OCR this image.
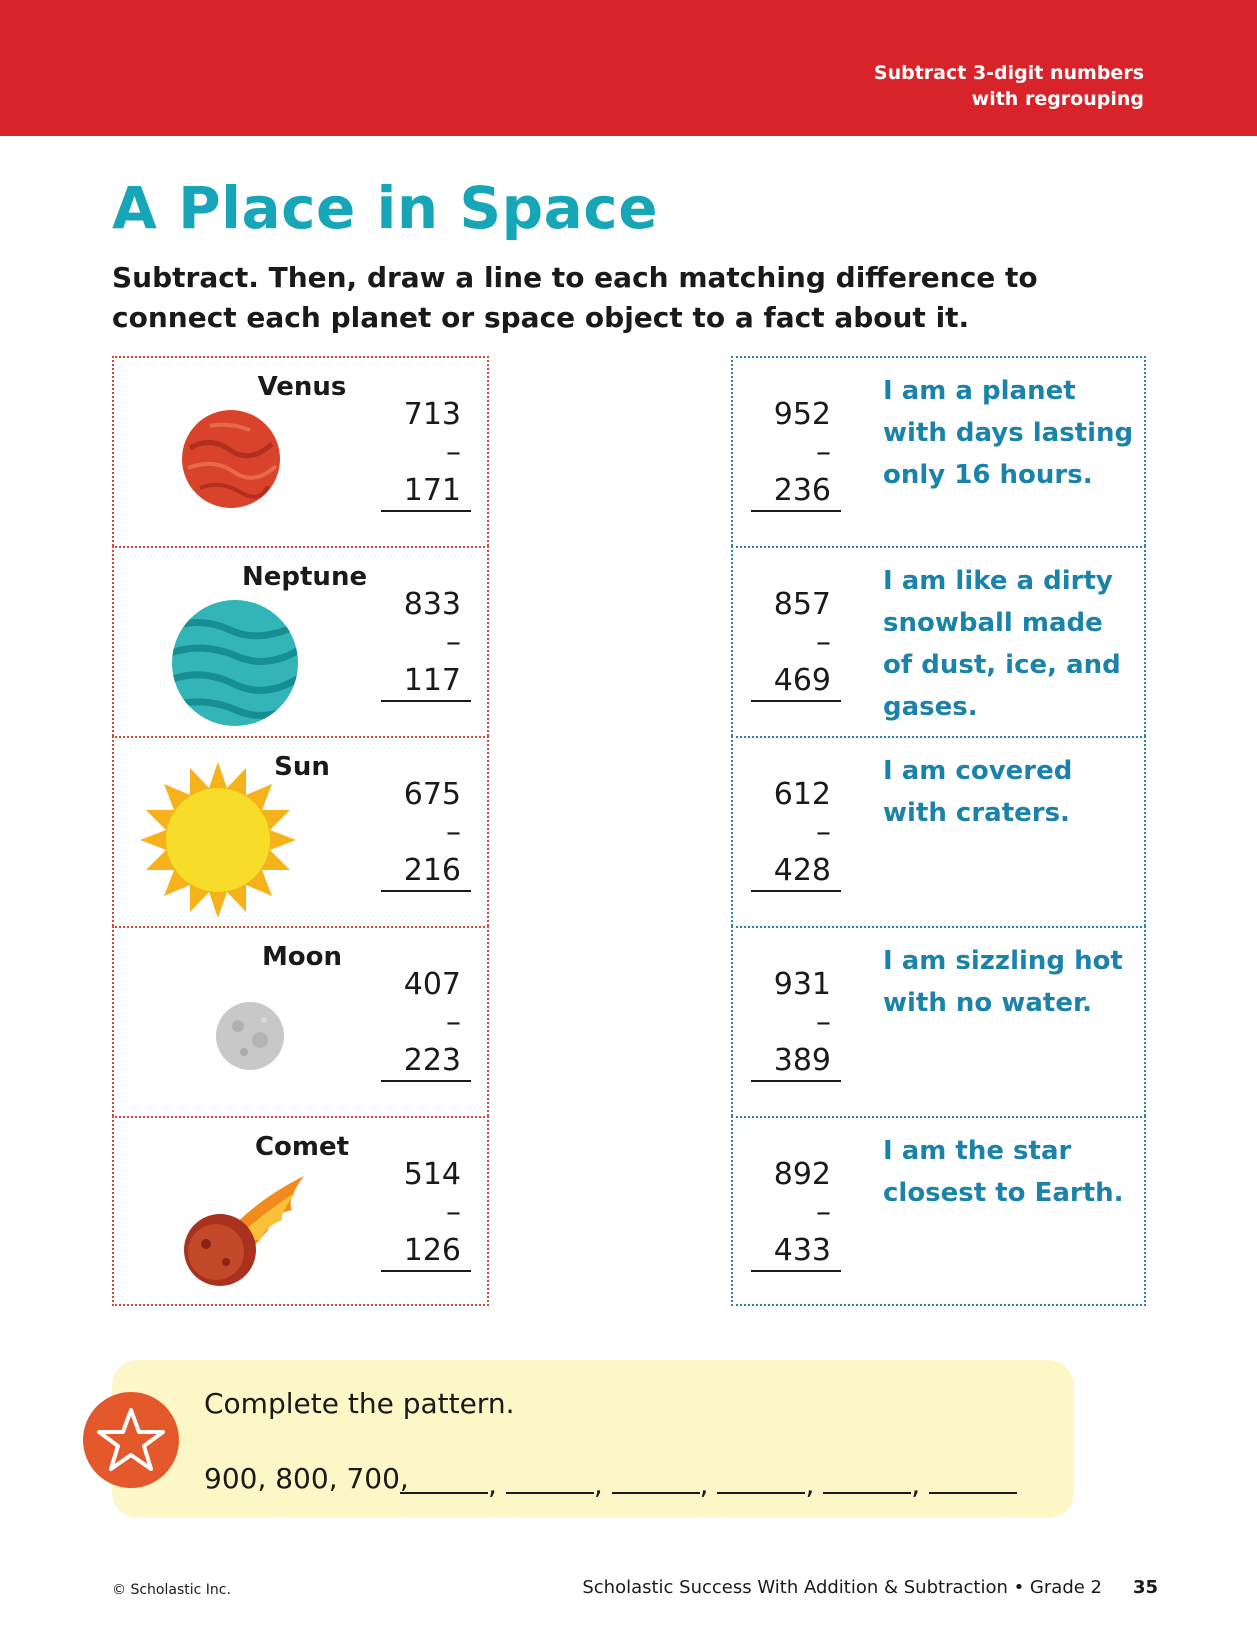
Subtract 3-digit numbers
with regrouping
A Place in Space
Subtract. Then, draw a line to each matching difference to connect each planet or space object to a fact about it.
Venus
713
– 171
Neptune
833
– 117
Sun
675
– 216
Moon
407
– 223
Comet
514
– 126
952
– 236
I am a planet with days lasting only 16 hours.
857
– 469
I am like a dirty snowball made of dust, ice, and gases.
612
– 428
I am covered with craters.
931
– 389
I am sizzling hot with no water.
892
– 433
I am the star closest to Earth.
Complete the pattern.
900, 800, 700,	,	,	,	,	,
© Scholastic Inc.	Scholastic Success With Addition & Subtraction • Grade 2 35
